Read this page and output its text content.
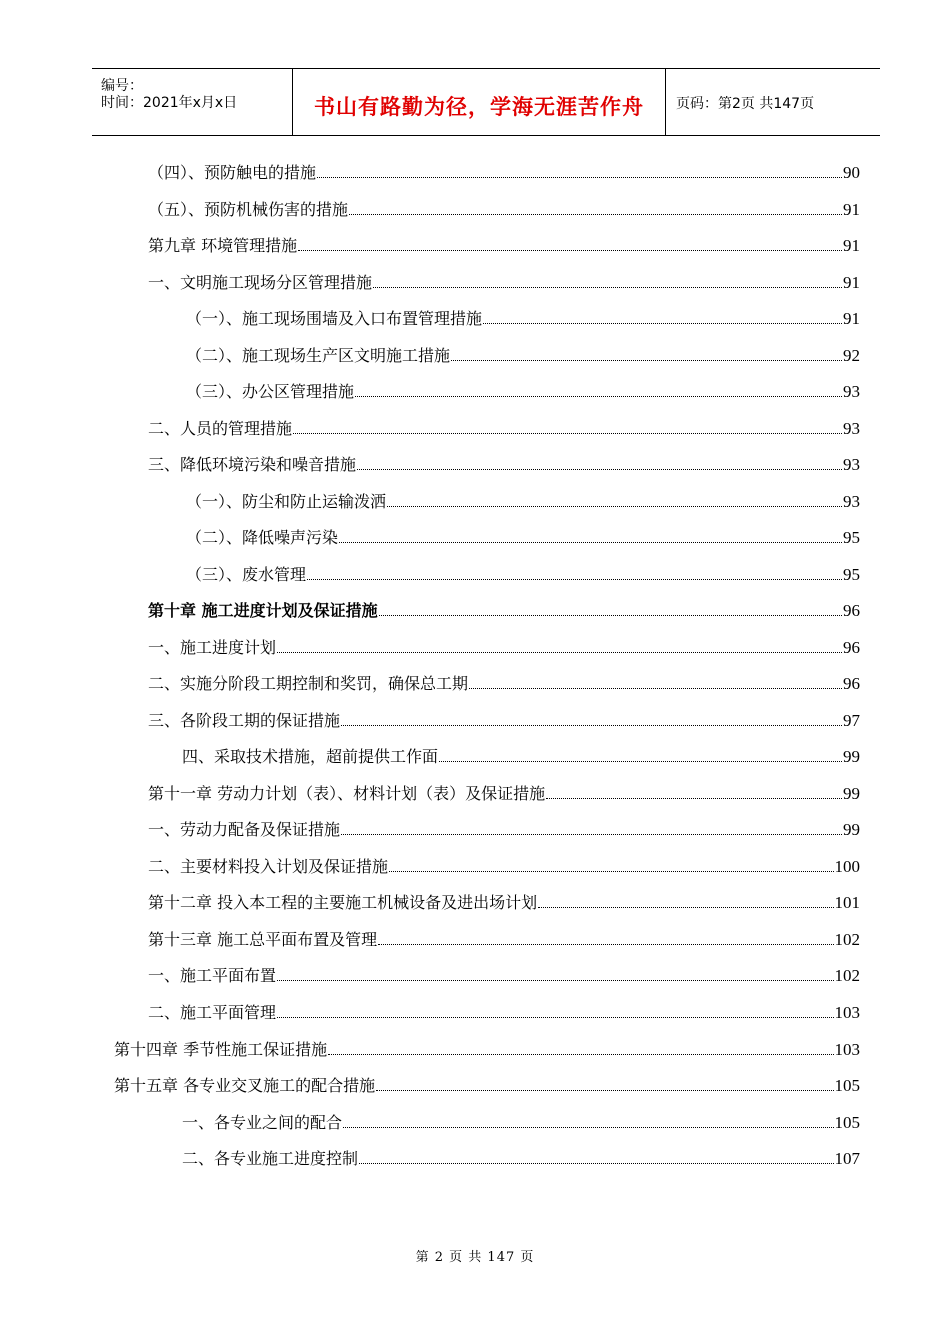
编号：
时间：2021年x月x日	书山有路勤为径，学海无涯苦作舟	页码：第2页 共147页
（四）、预防触电的措施	90
（五）、预防机械伤害的措施	91
第九章 环境管理措施	91
一、文明施工现场分区管理措施	91
（一）、施工现场围墙及入口布置管理措施	91
（二）、施工现场生产区文明施工措施	92
（三）、办公区管理措施	93
二、人员的管理措施	93
三、降低环境污染和噪音措施	93
（一）、防尘和防止运输泼洒	93
（二）、降低噪声污染	95
（三）、废水管理	95
第十章 施工进度计划及保证措施	96
一、施工进度计划	96
二、实施分阶段工期控制和奖罚，确保总工期	96
三、各阶段工期的保证措施	97
四、采取技术措施，超前提供工作面	99
第十一章 劳动力计划（表）、材料计划（表）及保证措施	99
一、劳动力配备及保证措施	99
二、主要材料投入计划及保证措施	100
第十二章 投入本工程的主要施工机械设备及进出场计划	101
第十三章 施工总平面布置及管理	102
一、施工平面布置	102
二、施工平面管理	103
第十四章 季节性施工保证措施	103
第十五章 各专业交叉施工的配合措施	105
一、各专业之间的配合	105
二、各专业施工进度控制	107
第 2 页 共 147 页
